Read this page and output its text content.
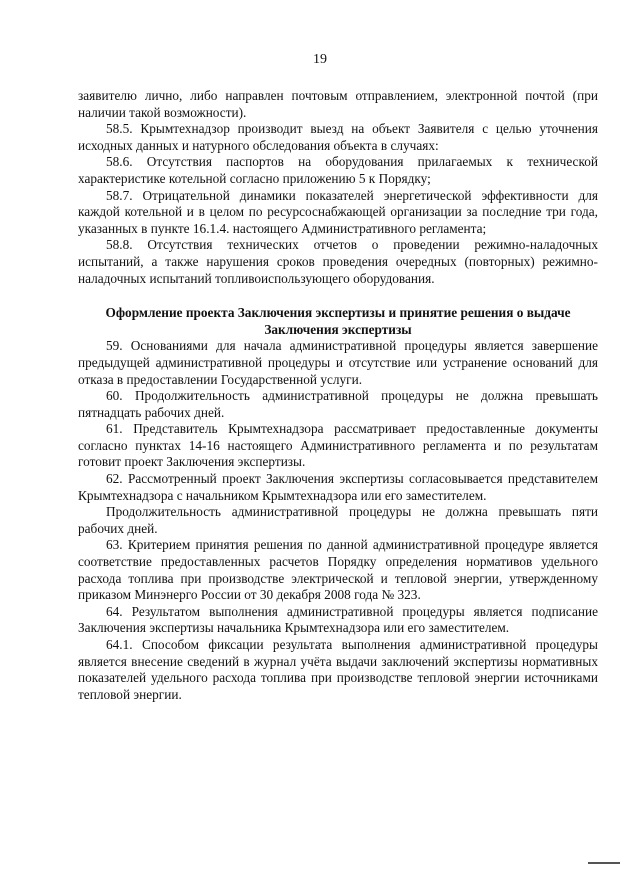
19

заявителю лично, либо направлен почтовым отправлением, электронной почтой (при наличии такой возможности).

58.5. Крымтехнадзор производит выезд на объект Заявителя с целью уточнения исходных данных и натурного обследования объекта в случаях:

58.6. Отсутствия паспортов на оборудования прилагаемых к технической характеристике котельной согласно приложению 5 к Порядку;

58.7. Отрицательной динамики показателей энергетической эффективности для каждой котельной и в целом по ресурсоснабжающей организации за последние три года, указанных в пункте 16.1.4. настоящего Административного регламента;

58.8. Отсутствия технических отчетов о проведении режимно-наладочных испытаний, а также нарушения сроков проведения очередных (повторных) режимно-наладочных испытаний топливоиспользующего оборудования.

Оформление проекта Заключения экспертизы и принятие решения о выдаче Заключения экспертизы

59. Основаниями для начала административной процедуры является завершение предыдущей административной процедуры и отсутствие или устранение оснований для отказа в предоставлении Государственной услуги.

60. Продолжительность административной процедуры не должна превышать пятнадцать рабочих дней.

61. Представитель Крымтехнадзора рассматривает предоставленные документы согласно пунктах 14-16 настоящего Административного регламента и по результатам готовит проект Заключения экспертизы.

62. Рассмотренный проект Заключения экспертизы согласовывается представителем Крымтехнадзора с начальником Крымтехнадзора или его заместителем.

Продолжительность административной процедуры не должна превышать пяти рабочих дней.

63. Критерием принятия решения по данной административной процедуре является соответствие предоставленных расчетов Порядку определения нормативов удельного расхода топлива при производстве электрической и тепловой энергии, утвержденному приказом Минэнерго России от 30 декабря 2008 года № 323.

64. Результатом выполнения административной процедуры является подписание Заключения экспертизы начальника Крымтехнадзора или его заместителем.

64.1. Способом фиксации результата выполнения административной процедуры является внесение сведений в журнал учёта выдачи заключений экспертизы нормативных показателей удельного расхода топлива при производстве тепловой энергии источниками тепловой энергии.
